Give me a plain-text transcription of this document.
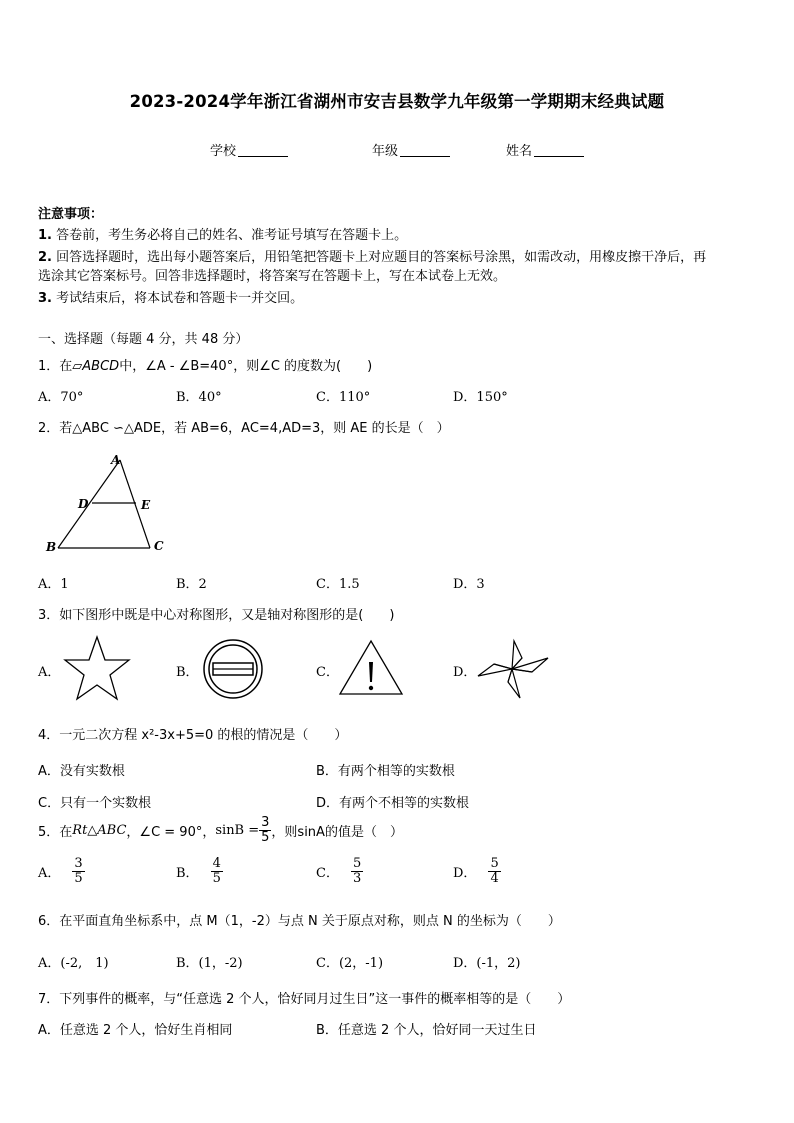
2023-2024学年浙江省湖州市安吉县数学九年级第一学期期末经典试题
学校	年级	姓名
注意事项：
1. 答卷前，考生务必将自己的姓名、准考证号填写在答题卡上。
2. 回答选择题时，选出每小题答案后，用铅笔把答题卡上对应题目的答案标号涂黑，如需改动，用橡皮擦干净后，再
选涂其它答案标号。回答非选择题时，将答案写在答题卡上，写在本试卷上无效。
3. 考试结束后，将本试卷和答题卡一并交回。
一、选择题（每题 4 分，共 48 分）
1．在▱ABCD中，∠A - ∠B=40°，则∠C 的度数为(　　)
A．70°	B．40°	C．110°	D．150°
2．若△ABC ∽△ADE，若 AB=6，AC=4,AD=3，则 AE 的长是（　）
A
D	E
B	C
A．1	B．2	C．1.5	D．3
3．如下图形中既是中心对称图形，又是轴对称图形的是(　　)
A．	B．	C．	D．
4．一元二次方程 x²-3x+5=0 的根的情况是（　　）
A．没有实数根	B．有两个相等的实数根
C．只有一个实数根	D．有两个不相等的实数根
5．在 Rt△ABC ，∠C = 90°， $\sin B = \frac{3}{5}$ ，则sinA的值是（　）
A． $\frac{3}{5}$	B． $\frac{4}{5}$	C． $\frac{5}{3}$	D． $\frac{5}{4}$
6．在平面直角坐标系中，点 M（1，-2）与点 N 关于原点对称，则点 N 的坐标为（　　）
A．(-2,　1)	B．(1，-2)	C．(2，-1)	D．(-1，2)
7．下列事件的概率，与“任意选 2 个人，恰好同月过生日”这一事件的概率相等的是（　　）
A．任意选 2 个人，恰好生肖相同	B．任意选 2 个人，恰好同一天过生日
